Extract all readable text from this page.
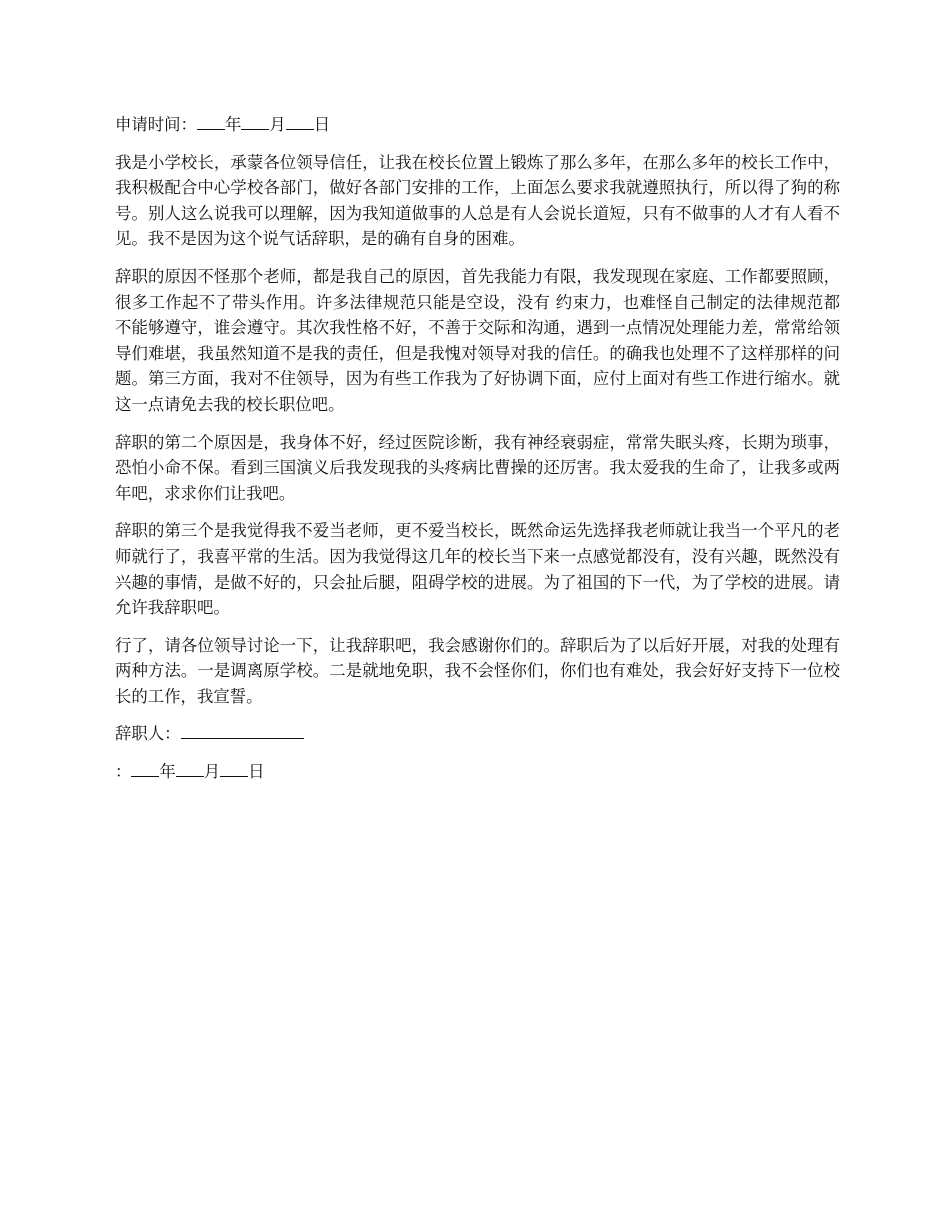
申请时间： 年 月 日

我是小学校长，承蒙各位领导信任，让我在校长位置上锻炼了那么多年，在那么多年的校长工作中，我积极配合中心学校各部门，做好各部门安排的工作，上面怎么要求我就遵照执行，所以得了狗的称号。别人这么说我可以理解，因为我知道做事的人总是有人会说长道短，只有不做事的人才有人看不见。我不是因为这个说气话辞职，是的确有自身的困难。

辞职的原因不怪那个老师，都是我自己的原因，首先我能力有限，我发现现在家庭、工作都要照顾，很多工作起不了带头作用。许多法律规范只能是空设，没有 约束力，也难怪自己制定的法律规范都不能够遵守，谁会遵守。其次我性格不好，不善于交际和沟通，遇到一点情况处理能力差，常常给领导们难堪，我虽然知道不是我的责任，但是我愧对领导对我的信任。的确我也处理不了这样那样的问题。第三方面，我对不住领导，因为有些工作我为了好协调下面，应付上面对有些工作进行缩水。就这一点请免去我的校长职位吧。

辞职的第二个原因是，我身体不好，经过医院诊断，我有神经衰弱症，常常失眠头疼，长期为琐事，恐怕小命不保。看到三国演义后我发现我的头疼病比曹操的还厉害。我太爱我的生命了，让我多或两年吧，求求你们让我吧。

辞职的第三个是我觉得我不爱当老师，更不爱当校长，既然命运先选择我老师就让我当一个平凡的老师就行了，我喜平常的生活。因为我觉得这几年的校长当下来一点感觉都没有，没有兴趣，既然没有兴趣的事情，是做不好的，只会扯后腿，阻碍学校的进展。为了祖国的下一代，为了学校的进展。请允许我辞职吧。

行了，请各位领导讨论一下，让我辞职吧，我会感谢你们的。辞职后为了以后好开展，对我的处理有两种方法。一是调离原学校。二是就地免职，我不会怪你们，你们也有难处，我会好好支持下一位校长的工作，我宣誓。

辞职人：

： 年 月 日
